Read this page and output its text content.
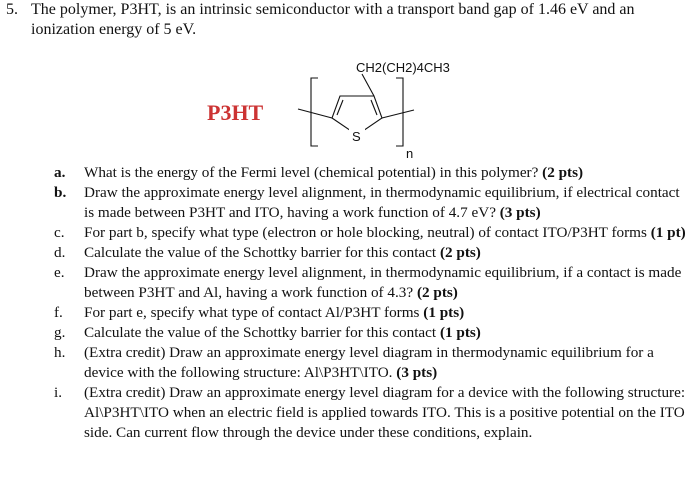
5. The polymer, P3HT, is an intrinsic semiconductor with a transport band gap of 1.46 eV and an ionization energy of 5 eV.
P3HT
S
CH2(CH2)4CH3
n
a.	What is the energy of the Fermi level (chemical potential) in this polymer? (2 pts)
b.	Draw the approximate energy level alignment, in thermodynamic equilibrium, if electrical contact is made between P3HT and ITO, having a work function of 4.7 eV? (3 pts)
c.	For part b, specify what type (electron or hole blocking, neutral) of contact ITO/P3HT forms (1 pt)
d.	Calculate the value of the Schottky barrier for this contact (2 pts)
e.	Draw the approximate energy level alignment, in thermodynamic equilibrium, if a contact is made between P3HT and Al, having a work function of 4.3? (2 pts)
f.	For part e, specify what type of contact Al/P3HT forms (1 pts)
g.	Calculate the value of the Schottky barrier for this contact (1 pts)
h.	(Extra credit) Draw an approximate energy level diagram in thermodynamic equilibrium for a device with the following structure: Al\P3HT\ITO. (3 pts)
i.	(Extra credit) Draw an approximate energy level diagram for a device with the following structure: Al\P3HT\ITO when an electric field is applied towards ITO. This is a positive potential on the ITO side. Can current flow through the device under these conditions, explain.
